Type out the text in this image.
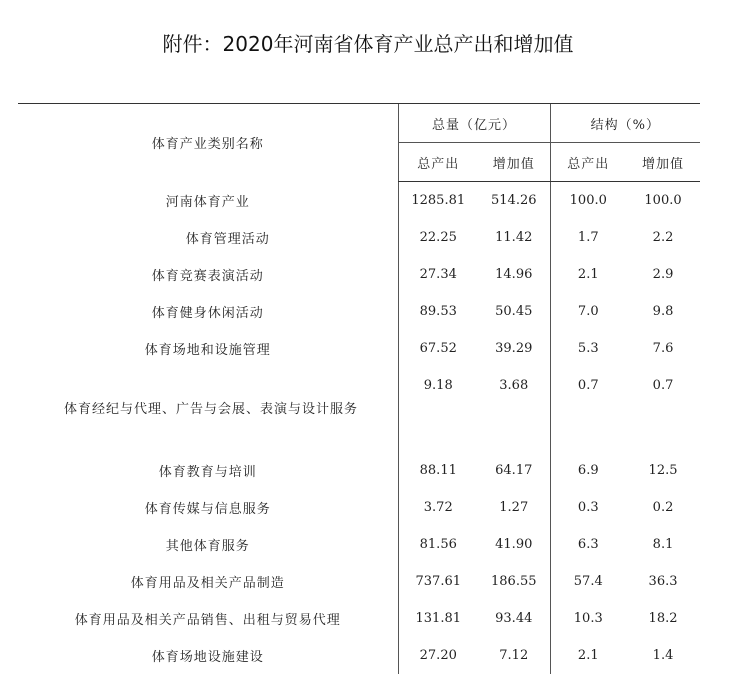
附件：2020年河南省体育产业总产出和增加值
体育产业类别名称	总量（亿元）		结构（%）	
	总产出	增加值	总产出	增加值
河南体育产业	1285.81	514.26	100.0	100.0
体育管理活动	22.25	11.42	1.7	2.2
体育竞赛表演活动	27.34	14.96	2.1	2.9
体育健身休闲活动	89.53	50.45	7.0	9.8
体育场地和设施管理	67.52	39.29	5.3	7.6
体育经纪与代理、广告与会展、表演与设计服务	9.18	3.68	0.7	0.7
体育教育与培训	88.11	64.17	6.9	12.5
体育传媒与信息服务	3.72	1.27	0.3	0.2
其他体育服务	81.56	41.90	6.3	8.1
体育用品及相关产品制造	737.61	186.55	57.4	36.3
体育用品及相关产品销售、出租与贸易代理	131.81	93.44	10.3	18.2
体育场地设施建设	27.20	7.12	2.1	1.4
